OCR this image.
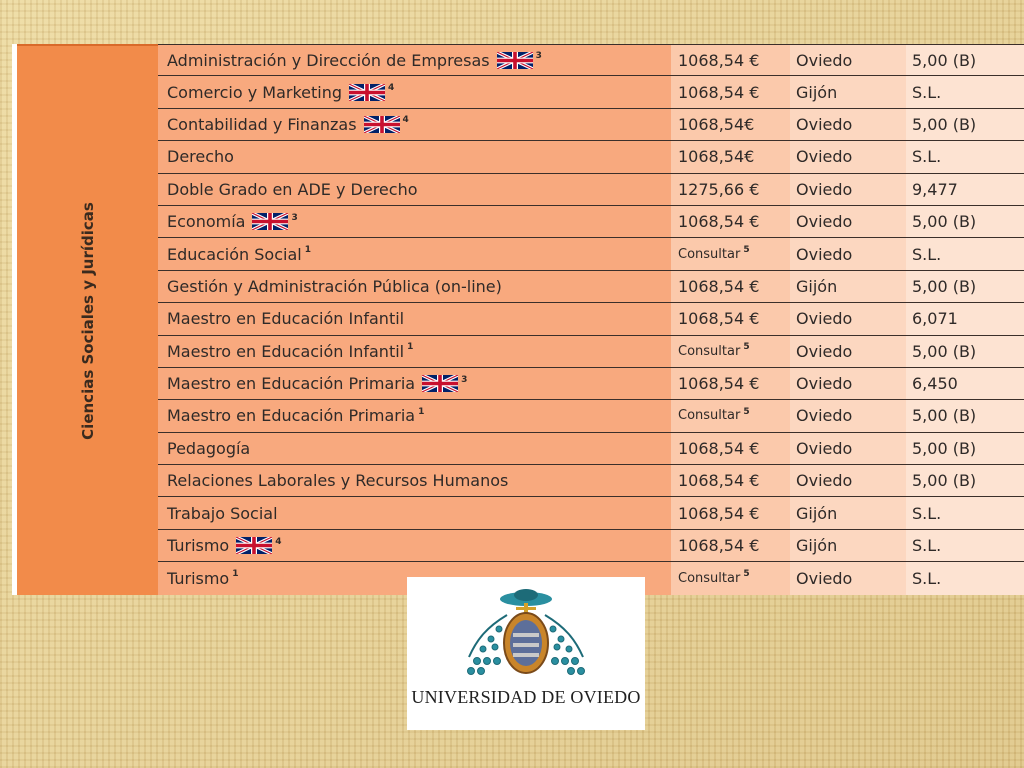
Ciencias Sociales y Jurídicas
Administración y Dirección de Empresas	$^3$	1068,54 € Oviedo	5,00 (B)
Comercio y Marketing	$^4$	1068,54 € Gijón	S.L.
Contabilidad y Finanzas	$^4$	1068,54€	Oviedo	5,00 (B)
Derecho	1068,54€	Oviedo	S.L.
Doble Grado en ADE y Derecho	1275,66 € Oviedo	9,477
Economía	$^3$	1068,54 € Oviedo	5,00 (B)
Educación Social $^1$	Consultar $^5$	Oviedo	S.L.
Gestión y Administración Pública (on-line)	1068,54 € Gijón	5,00 (B)
Maestro en Educación Infantil	1068,54 € Oviedo	6,071
Maestro en Educación Infantil $^1$	Consultar $^5$	Oviedo	5,00 (B)
Maestro en Educación Primaria	$^3$	1068,54 € Oviedo	6,450
Maestro en Educación Primaria $^1$	Consultar $^5$	Oviedo	5,00 (B)
Pedagogía	1068,54 € Oviedo	5,00 (B)
Relaciones Laborales y Recursos Humanos	1068,54 € Oviedo	5,00 (B)
Trabajo Social	1068,54 € Gijón	S.L.
Turismo	$^4$	1068,54 € Gijón	S.L.
Turismo $^1$	Consultar $^5$	Oviedo	S.L.
UNIVERSIDAD DE OVIEDO
